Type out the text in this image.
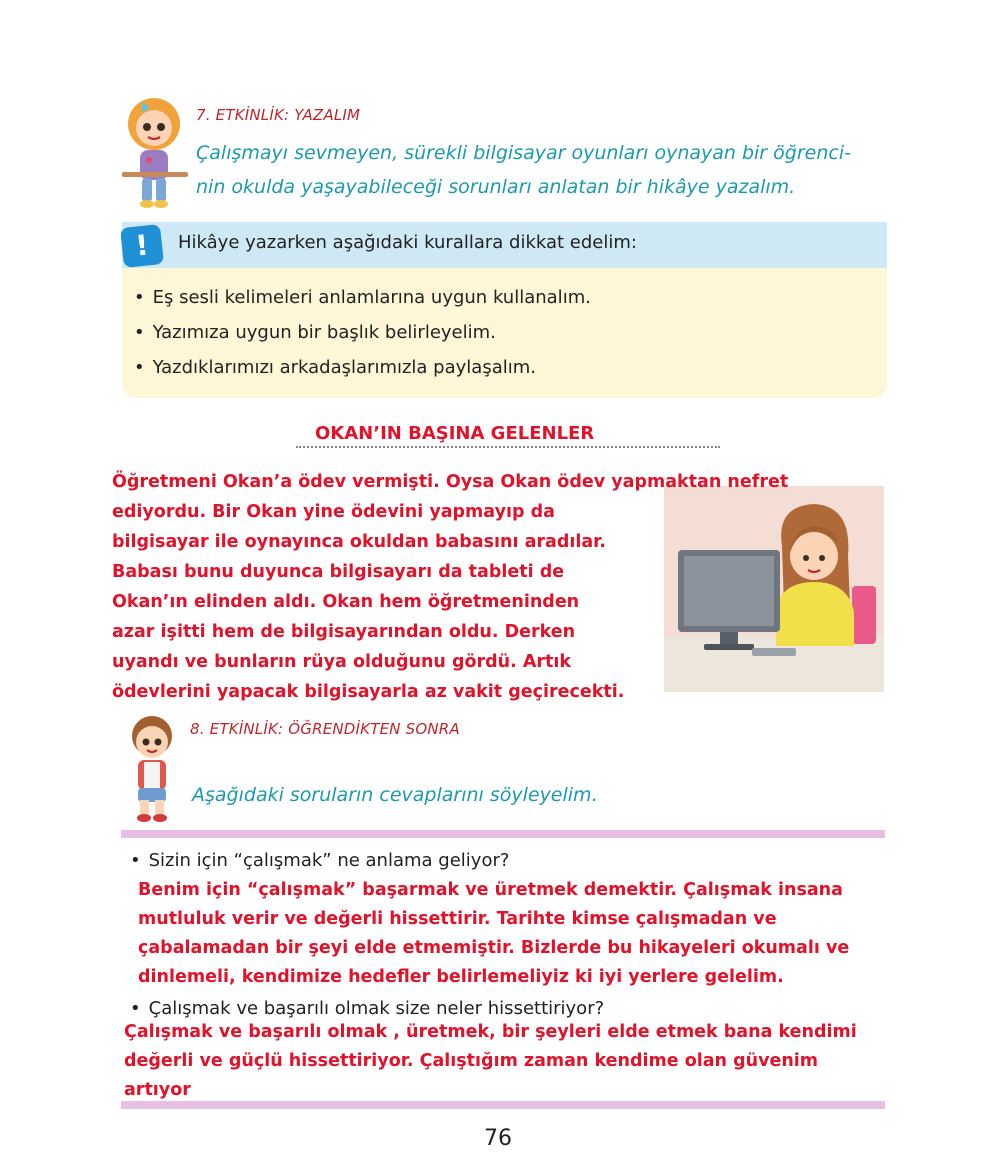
7. ETKİNLİK: YAZALIM
Çalışmayı sevmeyen, sürekli bilgisayar oyunları oynayan bir öğrenci-
nin okulda yaşayabileceği sorunları anlatan bir hikâye yazalım.
!	Hikâye yazarken aşağıdaki kurallara dikkat edelim:
• Eş sesli kelimeleri anlamlarına uygun kullanalım.
• Yazımıza uygun bir başlık belirleyelim.
• Yazdıklarımızı arkadaşlarımızla paylaşalım.
OKAN’IN BAŞINA GELENLER
Öğretmeni Okan’a ödev vermişti. Oysa Okan ödev yapmaktan nefret
ediyordu. Bir Okan yine ödevini yapmayıp da
bilgisayar ile oynayınca okuldan babasını aradılar.
Babası bunu duyunca bilgisayarı da tableti de
Okan’ın elinden aldı. Okan hem öğretmeninden
azar işitti hem de bilgisayarından oldu. Derken
uyandı ve bunların rüya olduğunu gördü. Artık
ödevlerini yapacak bilgisayarla az vakit geçirecekti.
8. ETKİNLİK: ÖĞRENDİKTEN SONRA
Aşağıdaki soruların cevaplarını söyleyelim.
• Sizin için “çalışmak” ne anlama geliyor?
Benim için “çalışmak” başarmak ve üretmek demektir. Çalışmak insana
mutluluk verir ve değerli hissettirir. Tarihte kimse çalışmadan ve
çabalamadan bir şeyi elde etmemiştir. Bizlerde bu hikayeleri okumalı ve
dinlemeli, kendimize hedefler belirlemeliyiz ki iyi yerlere gelelim.
• Çalışmak ve başarılı olmak size neler hissettiriyor?
Çalışmak ve başarılı olmak , üretmek, bir şeyleri elde etmek bana kendimi
değerli ve güçlü hissettiriyor. Çalıştığım zaman kendime olan güvenim
artıyor
76
